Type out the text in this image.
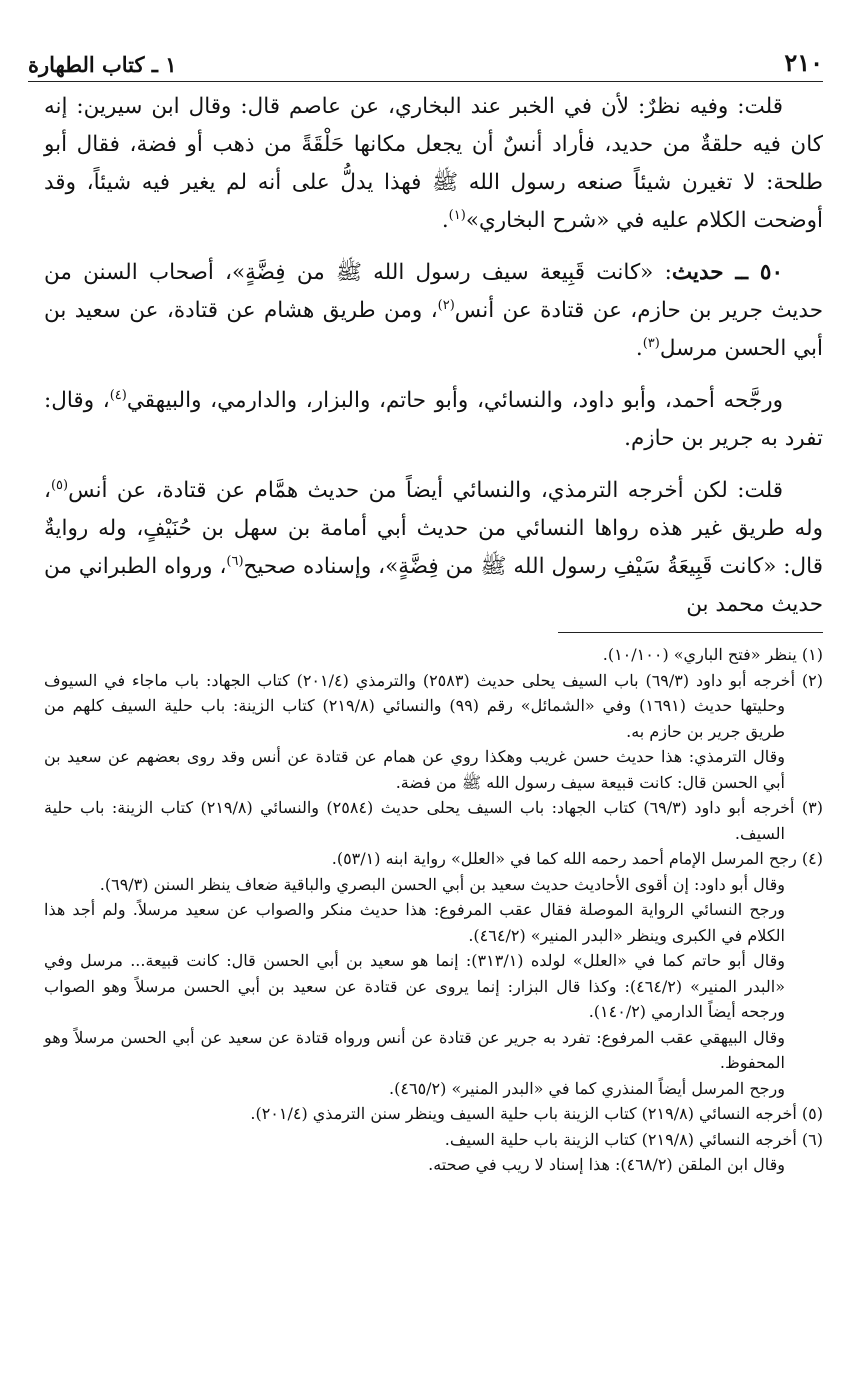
٢١٠
١ ـ كتاب الطهارة

قلت: وفيه نظرٌ: لأن في الخبر عند البخاري، عن عاصم قال: وقال ابن سيرين: إنه كان فيه حلقةٌ من حديد، فأراد أنسٌ أن يجعل مكانها حَلْقَةً من ذهب أو فضة، فقال أبو طلحة: لا تغيرن شيئاً صنعه رسول الله ﷺ فهذا يدلُّ على أنه لم يغير فيه شيئاً، وقد أوضحت الكلام عليه في «شرح البخاري»$^{(١)}$.

٥٠ ــ حديث: «كانت قَبِيعة سيف رسول الله ﷺ من فِضَّةٍ»، أصحاب السنن من حديث جرير بن حازم، عن قتادة عن أنس$^{(٢)}$، ومن طريق هشام عن قتادة، عن سعيد بن أبي الحسن مرسل$^{(٣)}$.

ورجَّحه أحمد، وأبو داود، والنسائي، وأبو حاتم، والبزار، والدارمي، والبيهقي$^{(٤)}$، وقال: تفرد به جرير بن حازم.

قلت: لكن أخرجه الترمذي، والنسائي أيضاً من حديث همَّام عن قتادة، عن أنس$^{(٥)}$، وله طريق غير هذه رواها النسائي من حديث أبي أمامة بن سهل بن حُنَيْفٍ، وله روايةٌ قال: «كانت قَبِيعَةُ سَيْفِ رسول الله ﷺ من فِضَّةٍ»، وإسناده صحيح$^{(٦)}$، ورواه الطبراني من حديث محمد بن

(١) ينظر «فتح الباري» (١٠/١٠٠).

(٢) أخرجه أبو داود (٦٩/٣) باب السيف يحلى حديث (٢٥٨٣) والترمذي (٢٠١/٤) كتاب الجهاد: باب ماجاء في السيوف وحليتها حديث (١٦٩١) وفي «الشمائل» رقم (٩٩) والنسائي (٢١٩/٨) كتاب الزينة: باب حلية السيف كلهم من طريق جرير بن حازم به.

وقال الترمذي: هذا حديث حسن غريب وهكذا روي عن همام عن قتادة عن أنس وقد روى بعضهم عن سعيد بن أبي الحسن قال: كانت قبيعة سيف رسول الله ﷺ من فضة.

(٣) أخرجه أبو داود (٦٩/٣) كتاب الجهاد: باب السيف يحلى حديث (٢٥٨٤) والنسائي (٢١٩/٨) كتاب الزينة: باب حلية السيف.

(٤) رجح المرسل الإمام أحمد رحمه الله كما في «العلل» رواية ابنه (٥٣/١).

وقال أبو داود: إن أقوى الأحاديث حديث سعيد بن أبي الحسن البصري والباقية ضعاف ينظر السنن (٦٩/٣).

ورجح النسائي الرواية الموصلة فقال عقب المرفوع: هذا حديث منكر والصواب عن سعيد مرسلاً. ولم أجد هذا الكلام في الكبرى وينظر «البدر المنير» (٤٦٤/٢).

وقال أبو حاتم كما في «العلل» لولده (٣١٣/١): إنما هو سعيد بن أبي الحسن قال: كانت قبيعة... مرسل وفي «البدر المنير» (٤٦٤/٢): وكذا قال البزار: إنما يروى عن قتادة عن سعيد بن أبي الحسن مرسلاً وهو الصواب ورجحه أيضاً الدارمي (١٤٠/٢).

وقال البيهقي عقب المرفوع: تفرد به جرير عن قتادة عن أنس ورواه قتادة عن سعيد عن أبي الحسن مرسلاً وهو المحفوظ.

ورجح المرسل أيضاً المنذري كما في «البدر المنير» (٤٦٥/٢).

(٥) أخرجه النسائي (٢١٩/٨) كتاب الزينة باب حلية السيف وينظر سنن الترمذي (٢٠١/٤).

(٦) أخرجه النسائي (٢١٩/٨) كتاب الزينة باب حلية السيف.

وقال ابن الملقن (٤٦٨/٢): هذا إسناد لا ريب في صحته.
